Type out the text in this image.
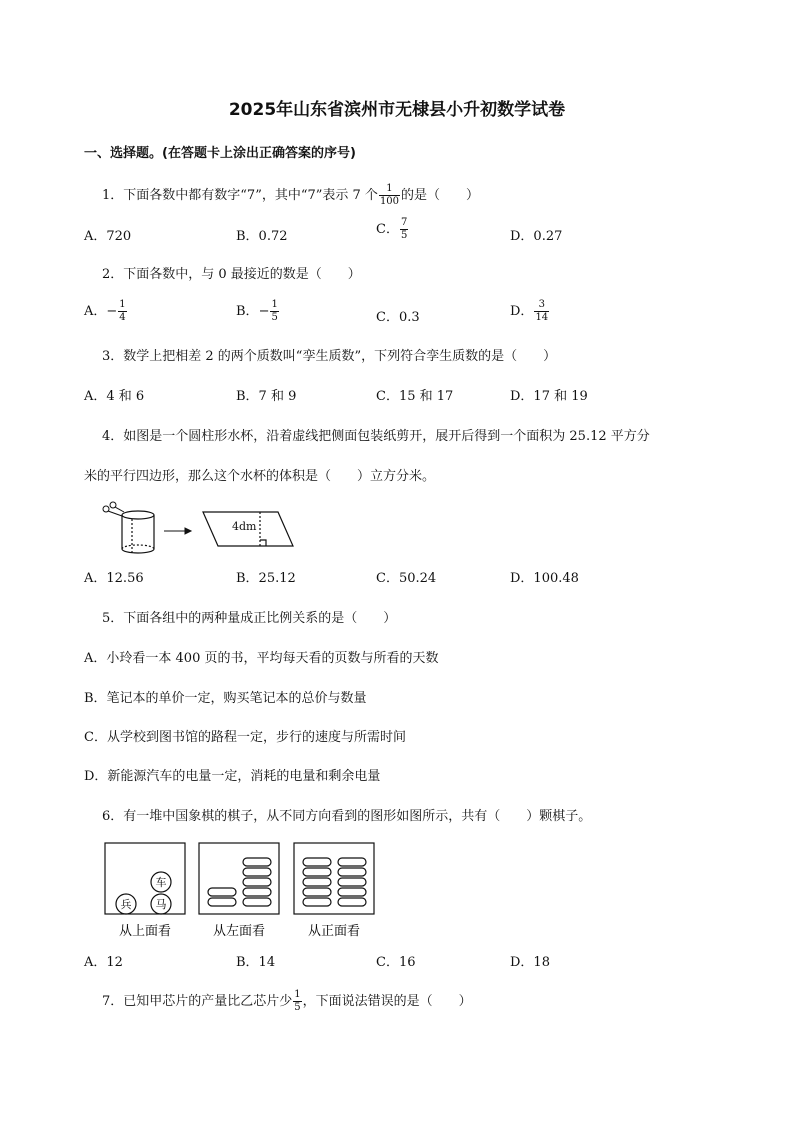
2025年山东省滨州市无棣县小升初数学试卷
一、选择题。(在答题卡上涂出正确答案的序号)
1．下面各数中都有数字“7”，其中“7”表示 7 个 $\frac{1}{100}$ 的是（　　）
A．720	B．0.72	C． $\frac{7}{5}$	D．0.27
2．下面各数中，与 0 最接近的数是（　　）
A．− $\frac{1}{4}$	B．− $\frac{1}{5}$	C．0.3	D． $\frac{3}{14}$
3．数学上把相差 2 的两个质数叫“孪生质数”，下列符合孪生质数的是（　　）
A．4 和 6	B．7 和 9	C．15 和 17	D．17 和 19
4．如图是一个圆柱形水杯，沿着虚线把侧面包装纸剪开，展开后得到一个面积为 25.12 平方分
米的平行四边形，那么这个水杯的体积是（　　）立方分米。
4dm
A．12.56	B．25.12	C．50.24	D．100.48
5．下面各组中的两种量成正比例关系的是（　　）
A．小玲看一本 400 页的书，平均每天看的页数与所看的天数
B．笔记本的单价一定，购买笔记本的总价与数量
C．从学校到图书馆的路程一定，步行的速度与所需时间
D．新能源汽车的电量一定，消耗的电量和剩余电量
6．有一堆中国象棋的棋子，从不同方向看到的图形如图所示，共有（　　）颗棋子。
车
兵 马
从上面看	从左面看	从正面看
A．12	B．14	C．16	D．18
7．已知甲芯片的产量比乙芯片少 $\frac{1}{5}$ ，下面说法错误的是（　　）
